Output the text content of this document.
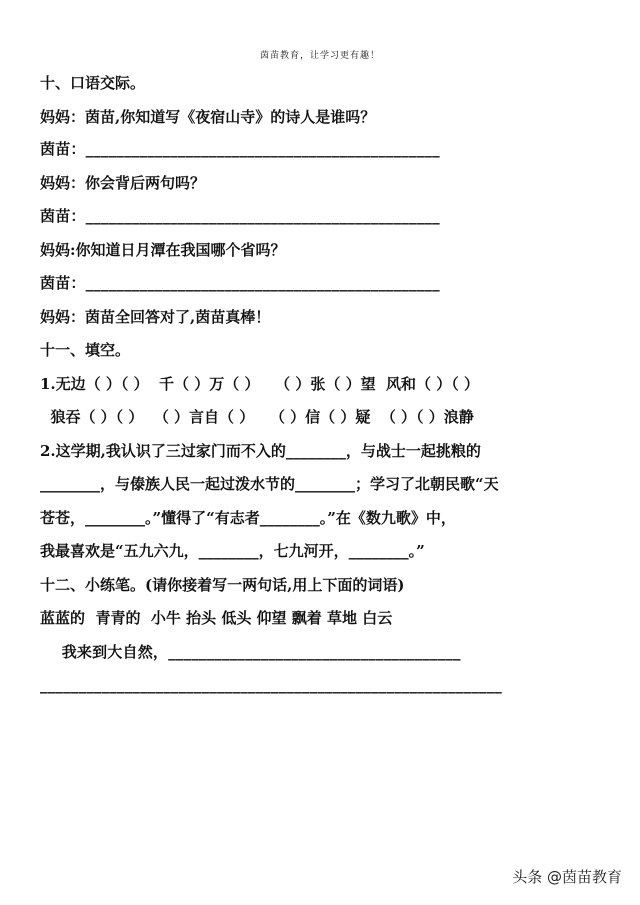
茵苗教育，让学习更有趣！
十、口语交际。
妈妈：茵苗,你知道写《夜宿山寺》的诗人是谁吗？
茵苗：______________________________________________
妈妈：你会背后两句吗？
茵苗：______________________________________________
妈妈:你知道日月潭在我国哪个省吗？
茵苗：______________________________________________
妈妈：茵苗全回答对了,茵苗真棒！
十一、填空。
1.无边（ ）（ ）  千（ ）万（ ）   （ ）张（ ）望  风和（ ）（ ）
狼吞（ ）（ ）  （ ）言自（ ）   （ ）信（ ）疑  （ ）（ ）浪静
2.这学期,我认识了三过家门而不入的________，与战士一起挑粮的
________，与傣族人民一起过泼水节的________；学习了北朝民歌“天
苍苍，________。”懂得了“有志者________。”在《数九歌》中，
我最喜欢是“五九六九，________，七九河开，________。”
十二、小练笔。(请你接着写一两句话,用上下面的词语)
蓝蓝的  青青的  小牛 抬头 低头 仰望 飘着 草地 白云
我来到大自然，______________________________________
____________________________________________________________
头条 @茵苗教育
